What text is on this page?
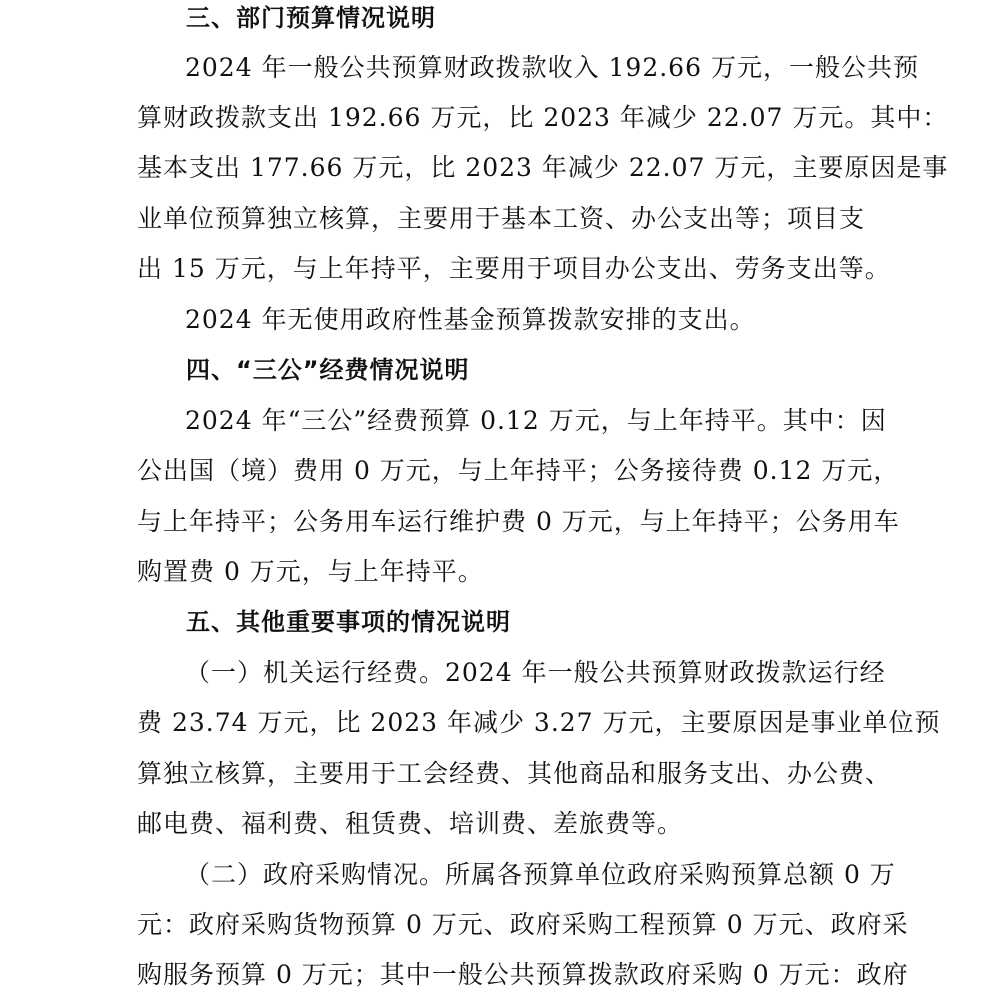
三、部门预算情况说明
2024 年一般公共预算财政拨款收入 192.66 万元，一般公共预
算财政拨款支出 192.66 万元，比 2023 年减少 22.07 万元。其中：
基本支出 177.66 万元，比 2023 年减少 22.07 万元，主要原因是事
业单位预算独立核算，主要用于基本工资、办公支出等；项目支
出 15 万元，与上年持平，主要用于项目办公支出、劳务支出等。
2024 年无使用政府性基金预算拨款安排的支出。
四、“三公”经费情况说明
2024 年“三公”经费预算 0.12 万元，与上年持平。其中：因
公出国（境）费用 0 万元，与上年持平；公务接待费 0.12 万元，
与上年持平；公务用车运行维护费 0 万元，与上年持平；公务用车
购置费 0 万元，与上年持平。
五、其他重要事项的情况说明
（一）机关运行经费。2024 年一般公共预算财政拨款运行经
费 23.74 万元，比 2023 年减少 3.27 万元，主要原因是事业单位预
算独立核算，主要用于工会经费、其他商品和服务支出、办公费、
邮电费、福利费、租赁费、培训费、差旅费等。
（二）政府采购情况。所属各预算单位政府采购预算总额 0 万
元：政府采购货物预算 0 万元、政府采购工程预算 0 万元、政府采
购服务预算 0 万元；其中一般公共预算拨款政府采购 0 万元：政府
